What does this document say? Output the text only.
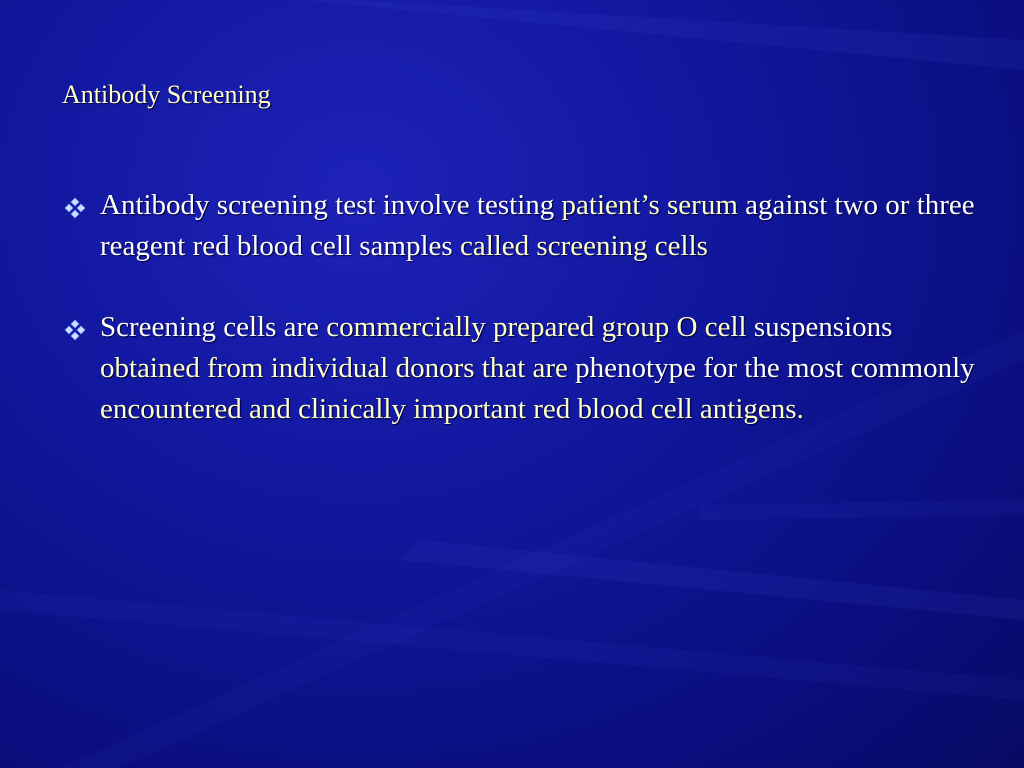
Antibody Screening
Antibody screening test involve testing patient’s serum against two or three reagent red blood cell samples called screening cells
Screening cells are commercially prepared group O cell suspensions obtained from individual donors that are phenotype for the most commonly encountered and clinically important red blood cell antigens.
